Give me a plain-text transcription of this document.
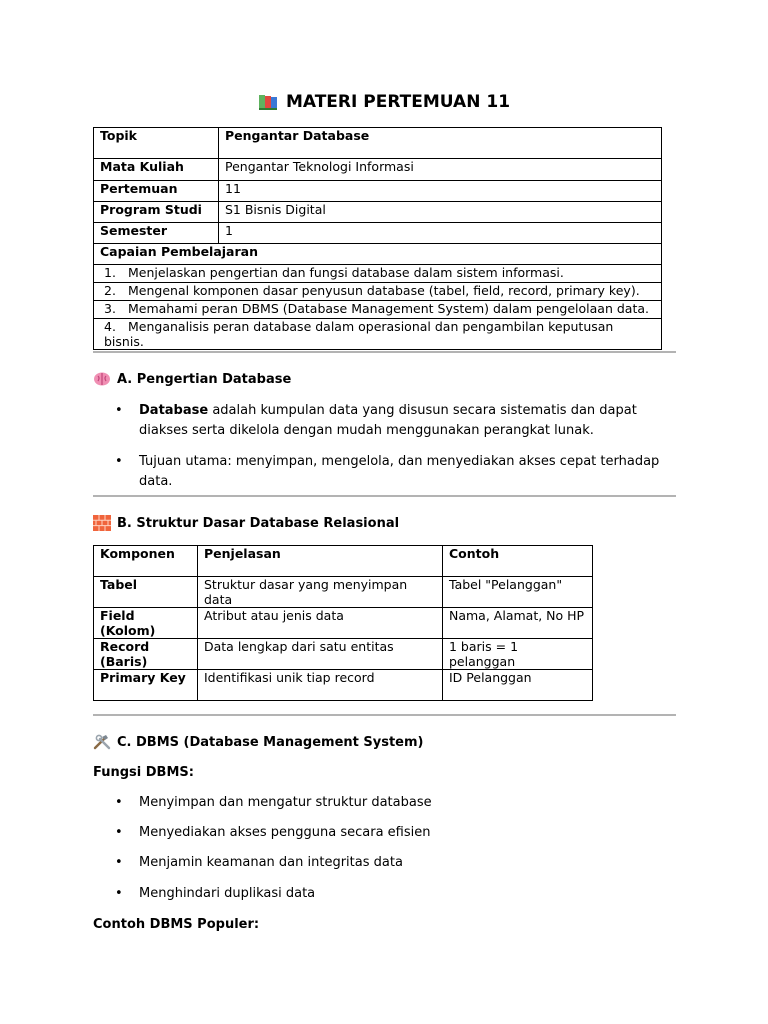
MATERI PERTEMUAN 11
Topik	Pengantar Database
Mata Kuliah	Pengantar Teknologi Informasi
Pertemuan	11
Program Studi	S1 Bisnis Digital
Semester	1
Capaian Pembelajaran	
1. Menjelaskan pengertian dan fungsi database dalam sistem informasi.	
2. Mengenal komponen dasar penyusun database (tabel, field, record, primary key).	
3. Memahami peran DBMS (Database Management System) dalam pengelolaan data.	
4. Menganalisis peran database dalam operasional dan pengambilan keputusan bisnis.	
A. Pengertian Database
• Database adalah kumpulan data yang disusun secara sistematis dan dapat diakses serta dikelola dengan mudah menggunakan perangkat lunak.
• Tujuan utama: menyimpan, mengelola, dan menyediakan akses cepat terhadap data.
B. Struktur Dasar Database Relasional
Komponen	Penjelasan	Contoh
Tabel	Struktur dasar yang menyimpan data	Tabel "Pelanggan"
Field (Kolom)	Atribut atau jenis data	Nama, Alamat, No HP
Record (Baris)	Data lengkap dari satu entitas	1 baris = 1 pelanggan
Primary Key	Identifikasi unik tiap record	ID Pelanggan
C. DBMS (Database Management System)
Fungsi DBMS:
• Menyimpan dan mengatur struktur database
• Menyediakan akses pengguna secara efisien
• Menjamin keamanan dan integritas data
• Menghindari duplikasi data
Contoh DBMS Populer:
